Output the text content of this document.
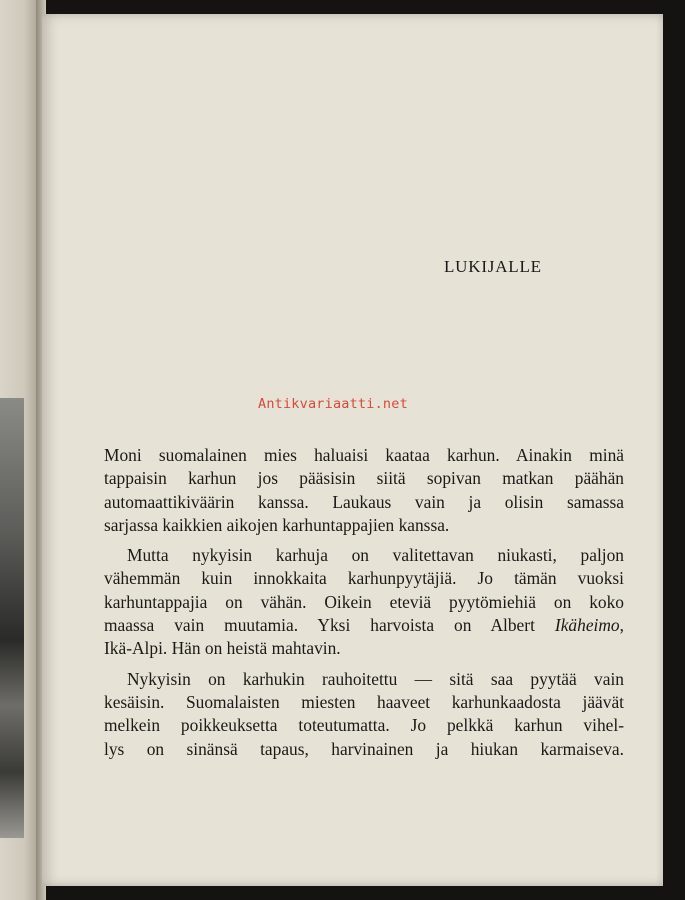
LUKIJALLE
Antikvariaatti.net
Moni suomalainen mies haluaisi kaataa karhun. Ainakin minä
tappaisin karhun jos pääsisin siitä sopivan matkan päähän
automaattikiväärin kanssa. Laukaus vain ja olisin samassa
sarjassa kaikkien aikojen karhuntappajien kanssa.
Mutta nykyisin karhuja on valitettavan niukasti, paljon
vähemmän kuin innokkaita karhunpyytäjiä. Jo tämän vuoksi
karhuntappajia on vähän. Oikein eteviä pyytömiehiä on koko
maassa vain muutamia. Yksi harvoista on Albert Ikäheimo,
Ikä-Alpi. Hän on heistä mahtavin.
Nykyisin on karhukin rauhoitettu — sitä saa pyytää vain
kesäisin. Suomalaisten miesten haaveet karhunkaadosta jäävät
melkein poikkeuksetta toteutumatta. Jo pelkkä karhun vihel-
lys on sinänsä tapaus, harvinainen ja hiukan karmaiseva.
